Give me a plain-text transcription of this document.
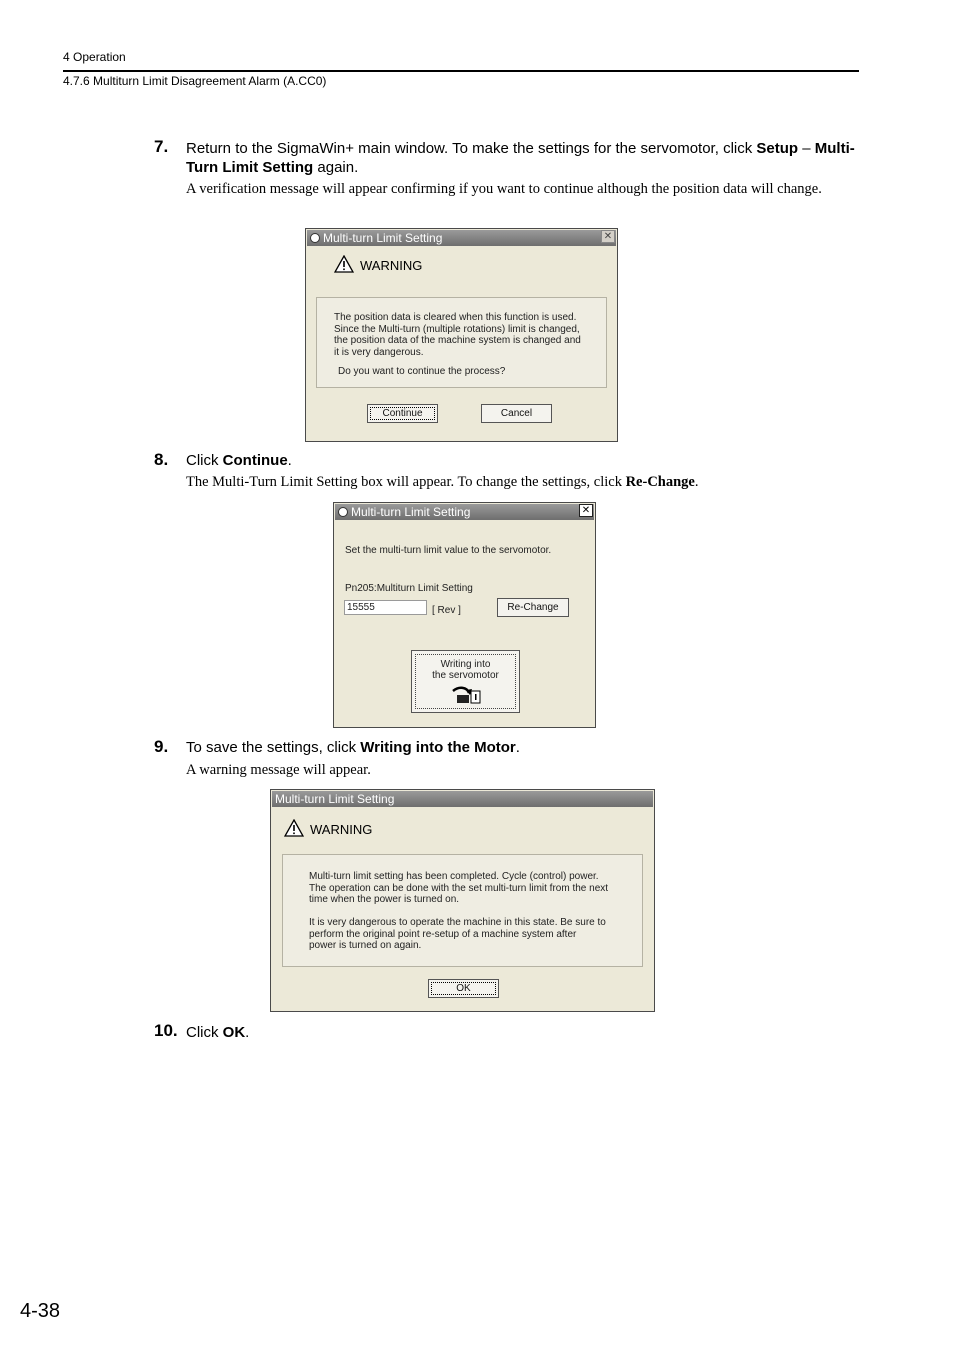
4 Operation
4.7.6 Multiturn Limit Disagreement Alarm (A.CC0)
7. Return to the SigmaWin+ main window. To make the settings for the servomotor, click Setup – Multi-Turn Limit Setting again.
A verification message will appear confirming if you want to continue although the position data will change.
Multi-turn Limit Setting	✕
WARNING
The position data is cleared when this function is used.
Since the Multi-turn (multiple rotations) limit is changed,
the position data of the machine system is changed and
it is very dangerous.
Do you want to continue the process?
Continue	Cancel
8. Click Continue.
The Multi-Turn Limit Setting box will appear. To change the settings, click Re-Change.
Multi-turn Limit Setting	✕
Set the multi-turn limit value to the servomotor.
Pn205:Multiturn Limit Setting
15555	[ Rev ]	Re-Change
Writing into
the servomotor
9. To save the settings, click Writing into the Motor.
A warning message will appear.
Multi-turn Limit Setting
WARNING
Multi-turn limit setting has been completed. Cycle (control) power.
The operation can be done with the set multi-turn limit from the next
time when the power is turned on.
It is very dangerous to operate the machine in this state. Be sure to
perform the original point re-setup of a machine system after
power is turned on again.
OK
10. Click OK.
4-38
